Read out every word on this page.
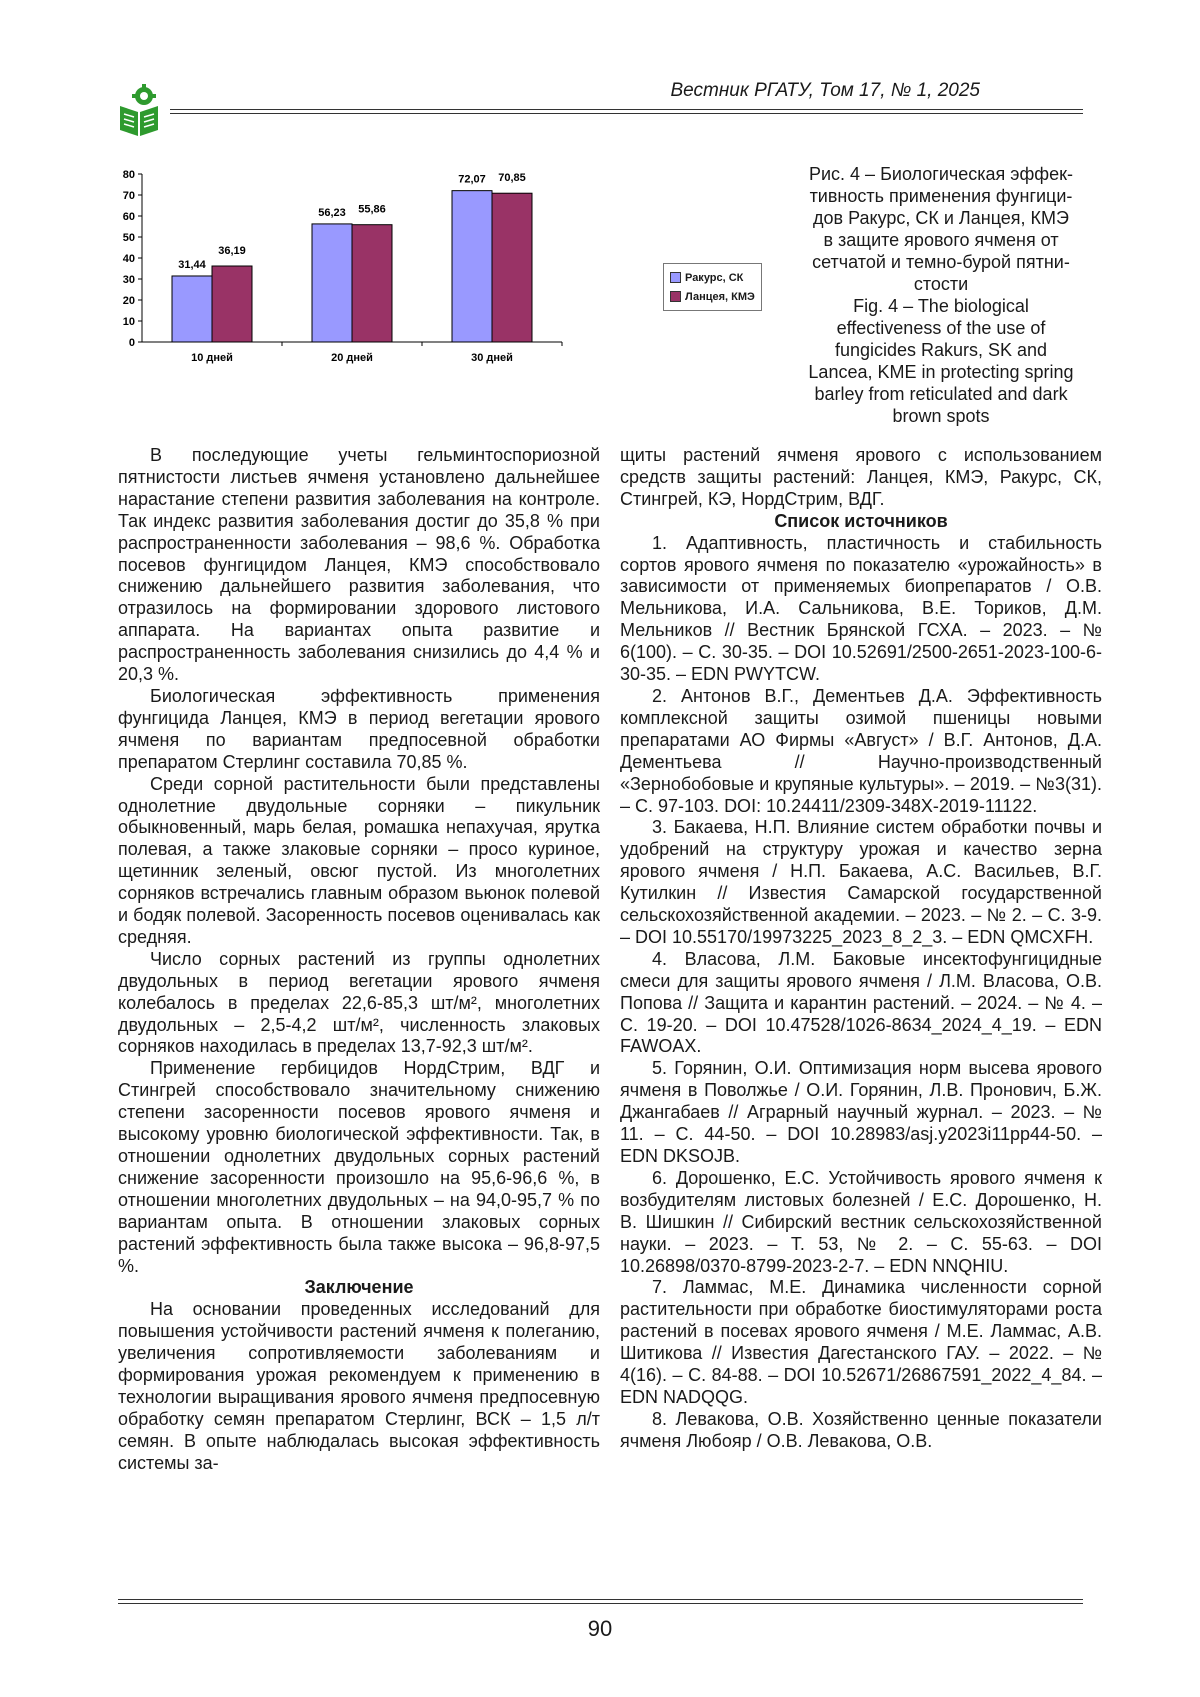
Вестник РГАТУ, Том 17, № 1, 2025
0
10
20
30
40
50
60
70
80
10 дней
31,44
36,19
20 дней
56,23 55,86
30 дней
72,07 70,85
Ракурс, СК
Ланцея, КМЭ
Рис. 4 – Биологическая эффек-
тивность применения фунгици-
дов Ракурс, СК и Ланцея, КМЭ
в защите ярового ячменя от
сетчатой и темно-бурой пятни-
стости
Fig. 4 – The biological
effectiveness of the use of
fungicides Rakurs, SK and
Lancea, KME in protecting spring
barley from reticulated and dark
brown spots

В последующие учеты гельминтоспориозной пятнистости листьев ячменя установлено дальнейшее нарастание степени развития заболевания на контроле. Так индекс развития заболевания достиг до 35,8 % при распространенности заболевания – 98,6 %. Обработка посевов фунгицидом Ланцея, КМЭ способствовало снижению дальнейшего развития заболевания, что отразилось на формировании здорового листового аппарата. На вариантах опыта развитие и распространенность заболевания снизились до 4,4 % и 20,3 %.

Биологическая эффективность применения фунгицида Ланцея, КМЭ в период вегетации ярового ячменя по вариантам предпосевной обработки препаратом Стерлинг составила 70,85 %.

Среди сорной растительности были представлены однолетние двудольные сорняки – пикульник обыкновенный, марь белая, ромашка непахучая, ярутка полевая, а также злаковые сорняки – просо куриное, щетинник зеленый, овсюг пустой. Из многолетних сорняков встречались главным образом вьюнок полевой и бодяк полевой. Засоренность посевов оценивалась как средняя.

Число сорных растений из группы однолетних двудольных в период вегетации ярового ячменя колебалось в пределах 22,6-85,3 шт/м², многолетних двудольных – 2,5-4,2 шт/м², численность злаковых сорняков находилась в пределах 13,7-92,3 шт/м².

Применение гербицидов НордСтрим, ВДГ и Стингрей способствовало значительному снижению степени засоренности посевов ярового ячменя и высокому уровню биологической эффективности. Так, в отношении однолетних двудольных сорных растений снижение засоренности произошло на 95,6-96,6 %, в отношении многолетних двудольных – на 94,0-95,7 % по вариантам опыта. В отношении злаковых сорных растений эффективность была также высока – 96,8-97,5 %.

Заключение

На основании проведенных исследований для повышения устойчивости растений ячменя к полеганию, увеличения сопротивляемости заболеваниям и формирования урожая рекомендуем к применению в технологии выращивания ярового ячменя предпосевную обработку семян препаратом Стерлинг, ВСК – 1,5 л/т семян. В опыте наблюдалась высокая эффективность системы за-

щиты растений ячменя ярового с использованием средств защиты растений: Ланцея, КМЭ, Ракурс, СК, Стингрей, КЭ, НордСтрим, ВДГ.

Список источников

1. Адаптивность, пластичность и стабильность сортов ярового ячменя по показателю «урожайность» в зависимости от применяемых биопрепаратов / О.В. Мельникова, И.А. Сальникова, В.Е. Ториков, Д.М. Мельников // Вестник Брянской ГСХА. – 2023. – № 6(100). – С. 30-35. – DOI 10.52691/2500-2651-2023-100-6-30-35. – EDN PWYTCW.

2. Антонов В.Г., Дементьев Д.А. Эффективность комплексной защиты озимой пшеницы новыми препаратами АО Фирмы «Август» / В.Г. Антонов, Д.А. Дементьева // Научно-производственный «Зернобобовые и крупяные культуры». – 2019. – №3(31). – С. 97-103. DOI: 10.24411/2309-348X-2019-11122.

3. Бакаева, Н.П. Влияние систем обработки почвы и удобрений на структуру урожая и качество зерна ярового ячменя / Н.П. Бакаева, А.С. Васильев, В.Г. Кутилкин // Известия Самарской государственной сельскохозяйственной академии. – 2023. – № 2. – С. 3-9. – DOI 10.55170/19973225_2023_8_2_3. – EDN QMCXFH.

4. Власова, Л.М. Баковые инсектофунгицидные смеси для защиты ярового ячменя / Л.М. Власова, О.В. Попова // Защита и карантин растений. – 2024. – № 4. – С. 19-20. – DOI 10.47528/1026-8634_2024_4_19. – EDN FAWOAX.

5. Горянин, О.И. Оптимизация норм высева ярового ячменя в Поволжье / О.И. Горянин, Л.В. Пронович, Б.Ж. Джангабаев // Аграрный научный журнал. – 2023. – № 11. – С. 44-50. – DOI 10.28983/asj.y2023i11pp44-50. – EDN DKSOJB.

6. Дорошенко, Е.С. Устойчивость ярового ячменя к возбудителям листовых болезней / Е.С. Дорошенко, Н. В. Шишкин // Сибирский вестник сельскохозяйственной науки. – 2023. – Т. 53, № 2. – С. 55-63. – DOI 10.26898/0370-8799-2023-2-7. – EDN NNQHIU.

7. Ламмас, М.Е. Динамика численности сорной растительности при обработке биостимуляторами роста растений в посевах ярового ячменя / М.Е. Ламмас, А.В. Шитикова // Известия Дагестанского ГАУ. – 2022. – № 4(16). – С. 84-88. – DOI 10.52671/26867591_2022_4_84. – EDN NADQQG.

8. Левакова, О.В. Хозяйственно ценные показатели ячменя Любояр / О.В. Левакова, О.В.

90
